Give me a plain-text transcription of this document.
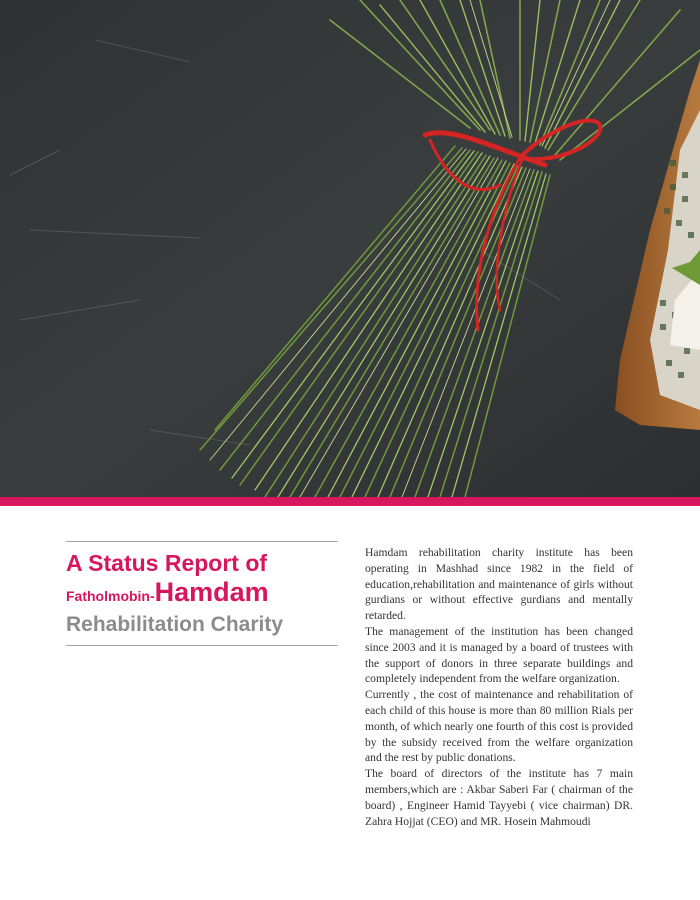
A Status Report of
Fatholmobin-Hamdam
Rehabilitation Charity

Hamdam rehabilitation charity institute has been operating in Mashhad since 1982 in the field of education,rehabilitation and maintenance of girls without gurdians or without effective gurdians and mentally retarded.

The management of the institution has been changed since 2003 and it is managed by a board of trustees with the support of donors in three separate buildings and completely independent from the welfare organization.

Currently , the cost of maintenance and rehabilitation of each child of this house is more than 80 million Rials per month, of which nearly one fourth of this cost is provided by the subsidy received from the welfare organization and the rest by public donations.

The board of directors of the institute has 7 main members,which are : Akbar Saberi Far ( chairman of the board) , Engineer Hamid Tayyebi ( vice chairman) DR. Zahra Hojjat (CEO) and MR. Hosein Mahmoudi
